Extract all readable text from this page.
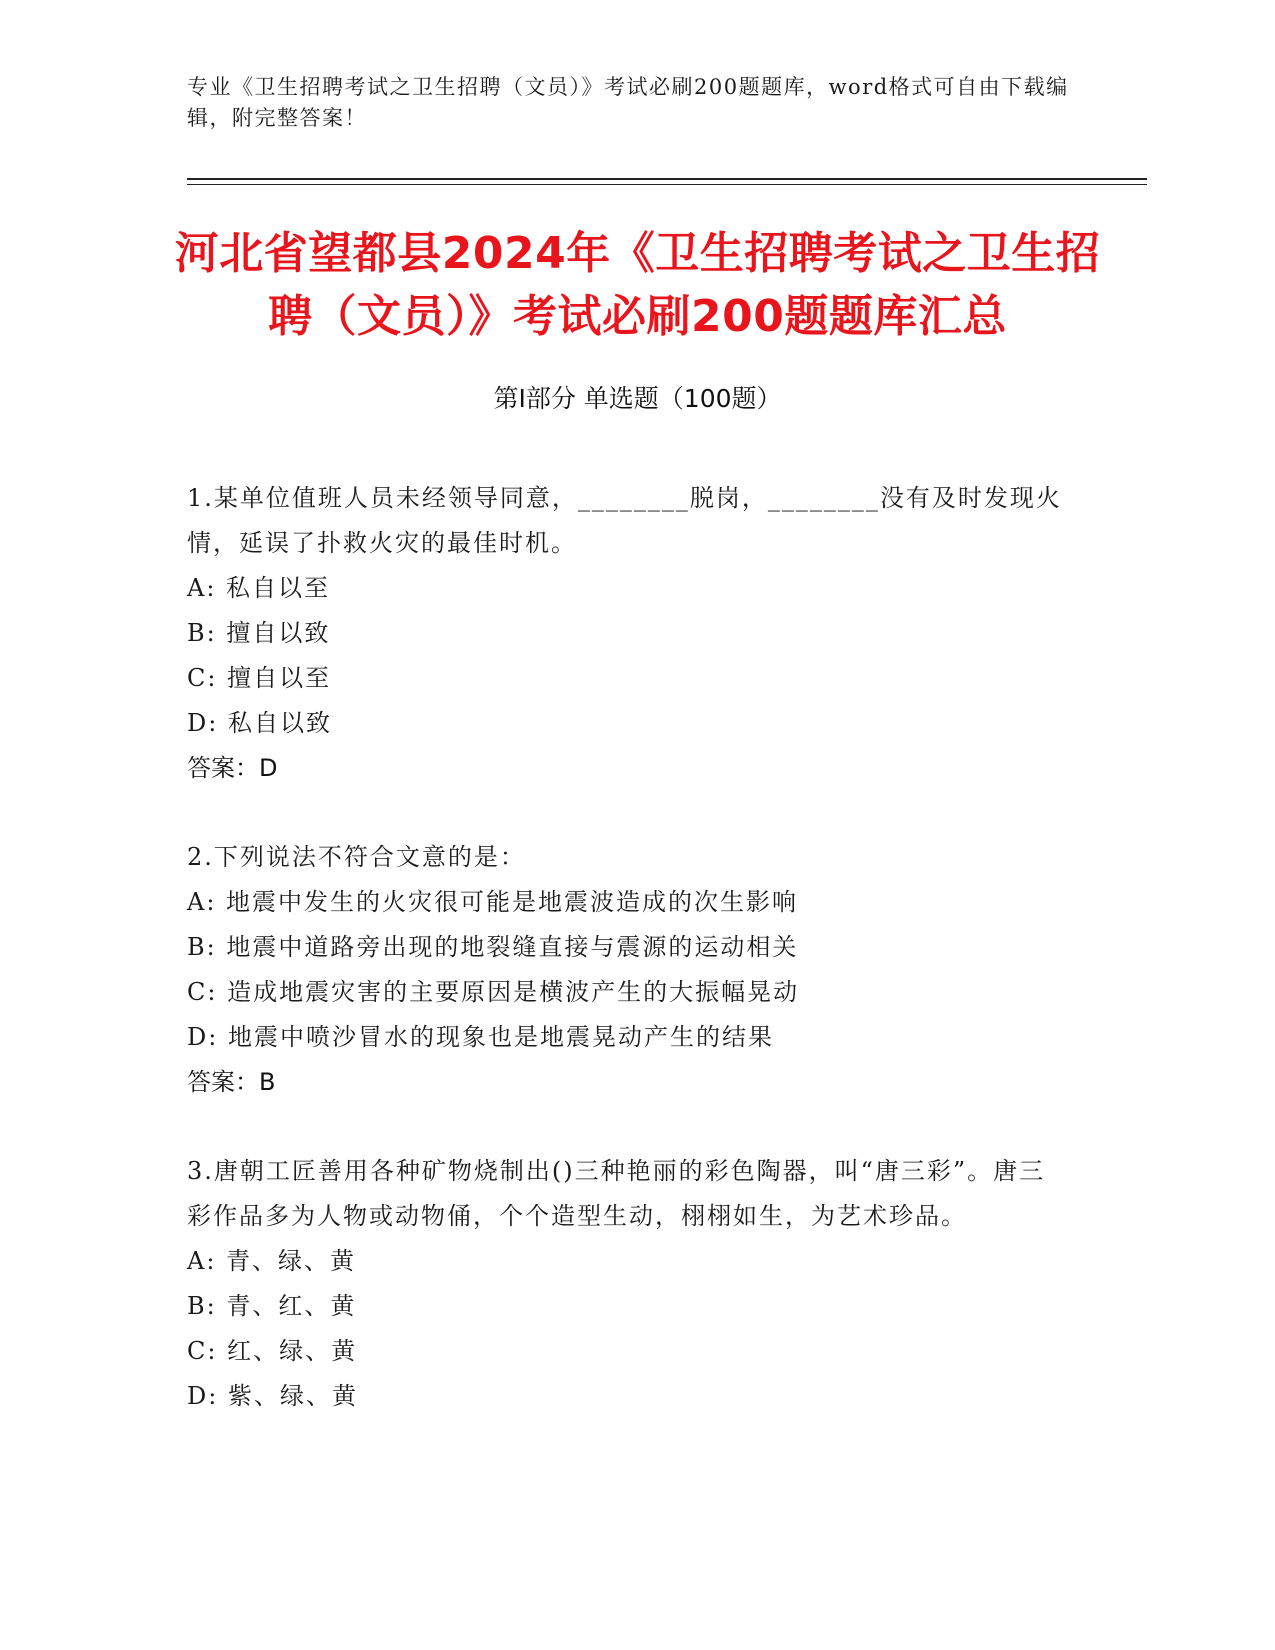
专业《卫生招聘考试之卫生招聘（文员）》考试必刷200题题库，word格式可自由下载编辑，附完整答案！
河北省望都县2024年《卫生招聘考试之卫生招聘（文员）》考试必刷200题题库汇总
第Ⅰ部分 单选题（100题）
1.某单位值班人员未经领导同意，________脱岗，________没有及时发现火情，延误了扑救火灾的最佳时机。
A: 私自以至
B: 擅自以致
C: 擅自以至
D: 私自以致
答案：D
2.下列说法不符合文意的是：
A: 地震中发生的火灾很可能是地震波造成的次生影响
B: 地震中道路旁出现的地裂缝直接与震源的运动相关
C: 造成地震灾害的主要原因是横波产生的大振幅晃动
D: 地震中喷沙冒水的现象也是地震晃动产生的结果
答案：B
3.唐朝工匠善用各种矿物烧制出()三种艳丽的彩色陶器，叫“唐三彩”。唐三彩作品多为人物或动物俑，个个造型生动，栩栩如生，为艺术珍品。
A: 青、绿、黄
B: 青、红、黄
C: 红、绿、黄
D: 紫、绿、黄
